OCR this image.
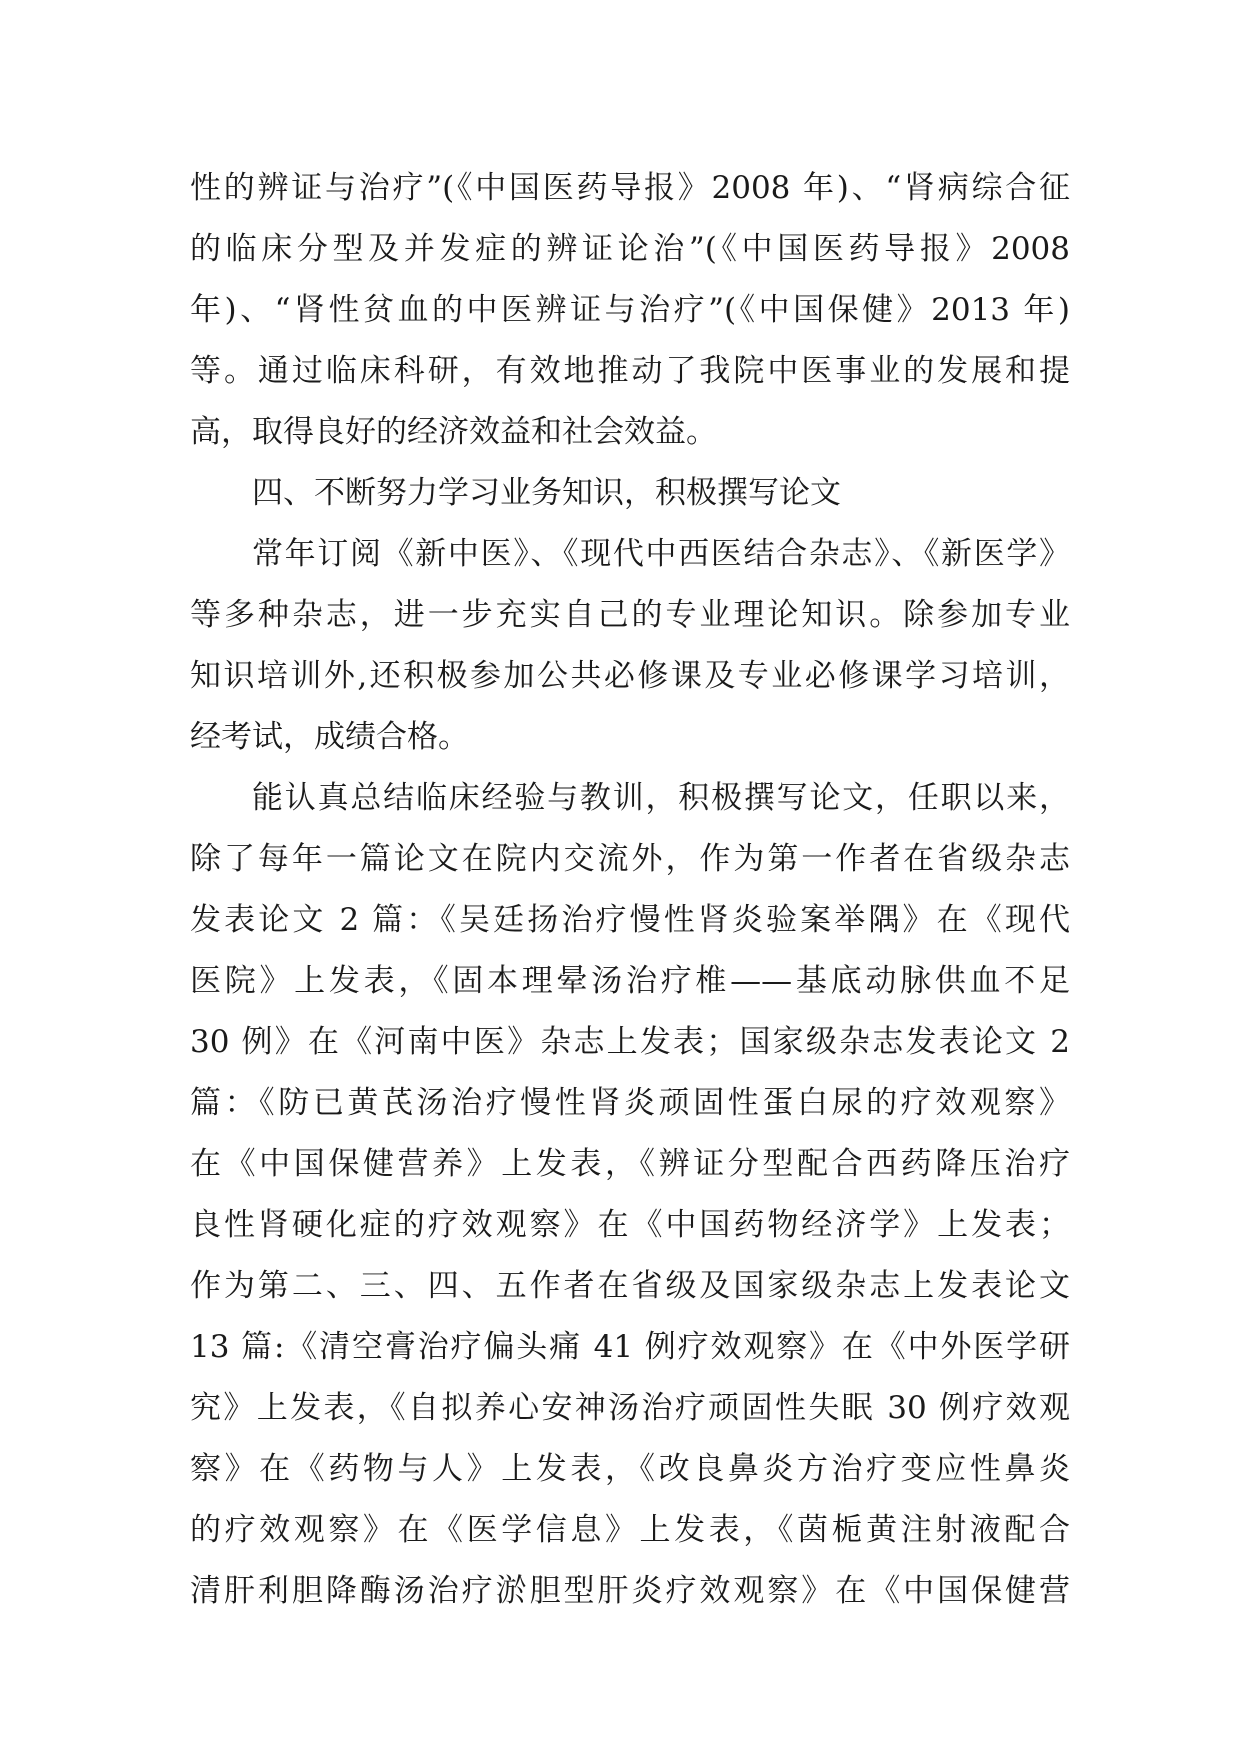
性的辨证与治疗”(《中国医药导报》2008 年)、“肾病综合征
的临床分型及并发症的辨证论治”(《中国医药导报》2008
年)、“肾性贫血的中医辨证与治疗”(《中国保健》2013 年)
等。通过临床科研，有效地推动了我院中医事业的发展和提
高，取得良好的经济效益和社会效益。
四、不断努力学习业务知识，积极撰写论文
常年订阅《新中医》、《现代中西医结合杂志》、《新医学》
等多种杂志，进一步充实自己的专业理论知识。除参加专业
知识培训外,还积极参加公共必修课及专业必修课学习培训，
经考试，成绩合格。
能认真总结临床经验与教训，积极撰写论文，任职以来，
除了每年一篇论文在院内交流外，作为第一作者在省级杂志
发表论文 2 篇：《吴廷扬治疗慢性肾炎验案举隅》在《现代
医院》上发表，《固本理晕汤治疗椎——基底动脉供血不足
30 例》在《河南中医》杂志上发表；国家级杂志发表论文 2
篇：《防已黄芪汤治疗慢性肾炎顽固性蛋白尿的疗效观察》
在《中国保健营养》上发表，《辨证分型配合西药降压治疗
良性肾硬化症的疗效观察》在《中国药物经济学》上发表；
作为第二、三、四、五作者在省级及国家级杂志上发表论文
13 篇:《清空膏治疗偏头痛 41 例疗效观察》在《中外医学研
究》上发表，《自拟养心安神汤治疗顽固性失眠 30 例疗效观
察》在《药物与人》上发表，《改良鼻炎方治疗变应性鼻炎
的疗效观察》在《医学信息》上发表，《茵栀黄注射液配合
清肝利胆降酶汤治疗淤胆型肝炎疗效观察》在《中国保健营
